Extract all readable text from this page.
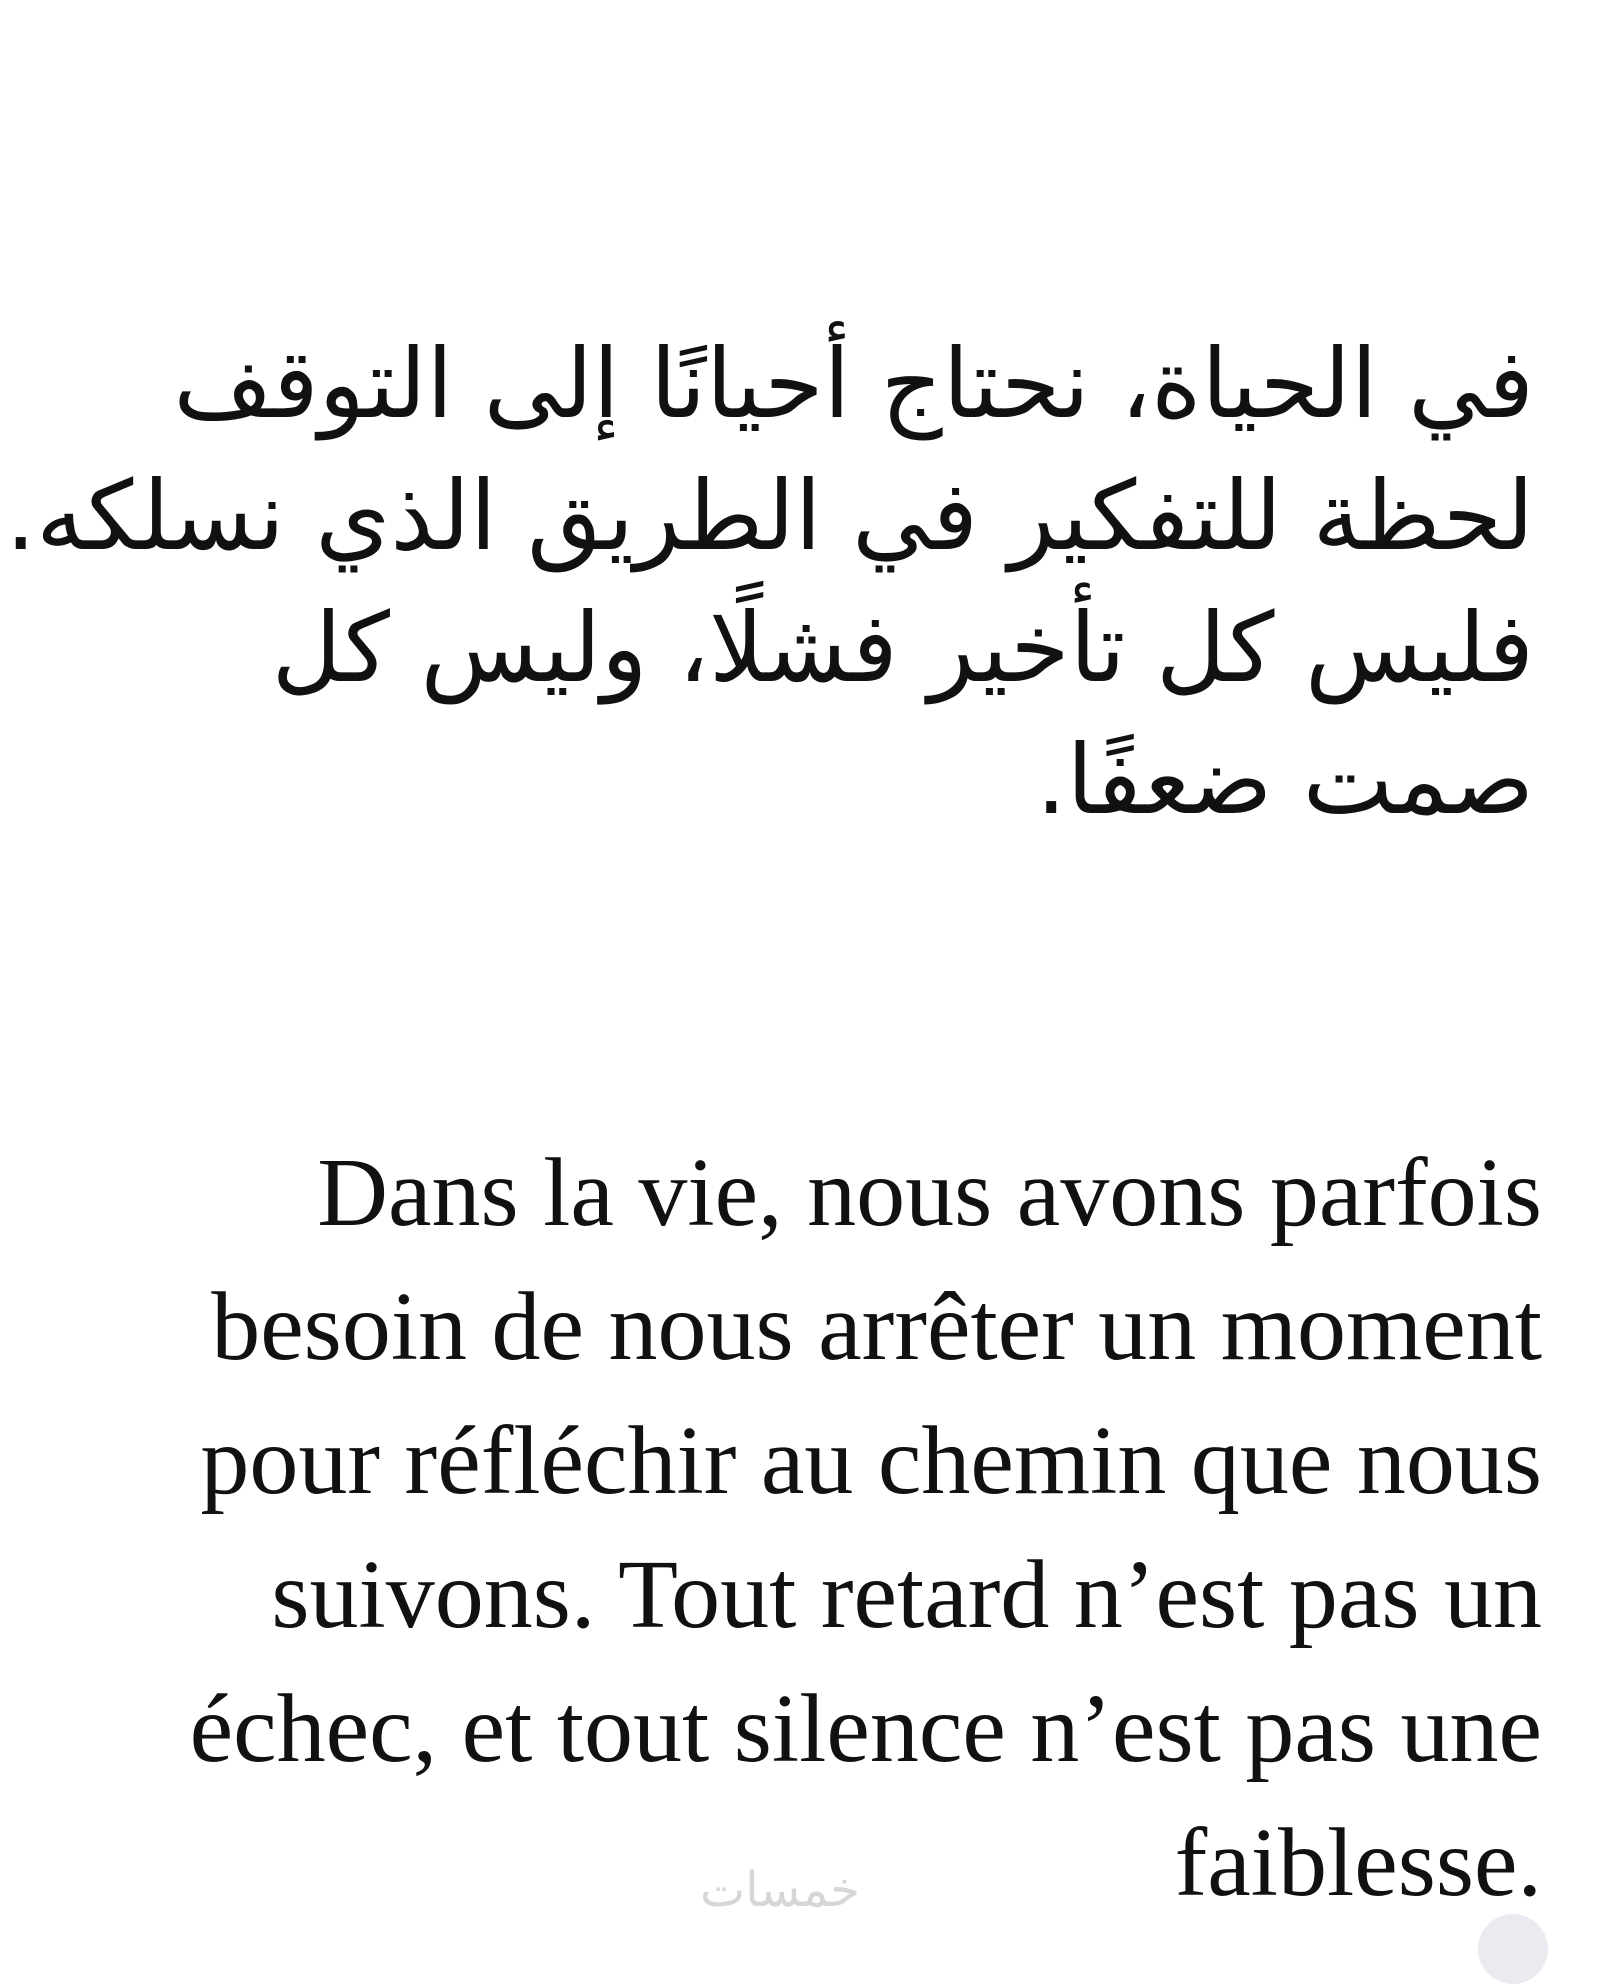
في الحياة، نحتاج أحيانًا إلى التوقف
لحظة للتفكير في الطريق الذي نسلكه.
فليس كل تأخير فشلًا، وليس كل
صمت ضعفًا.
Dans la vie, nous avons parfois
besoin de nous arrêter un moment
pour réfléchir au chemin que nous
suivons. Tout retard n’est pas un
échec, et tout silence n’est pas une
.faiblesse
خمسات
